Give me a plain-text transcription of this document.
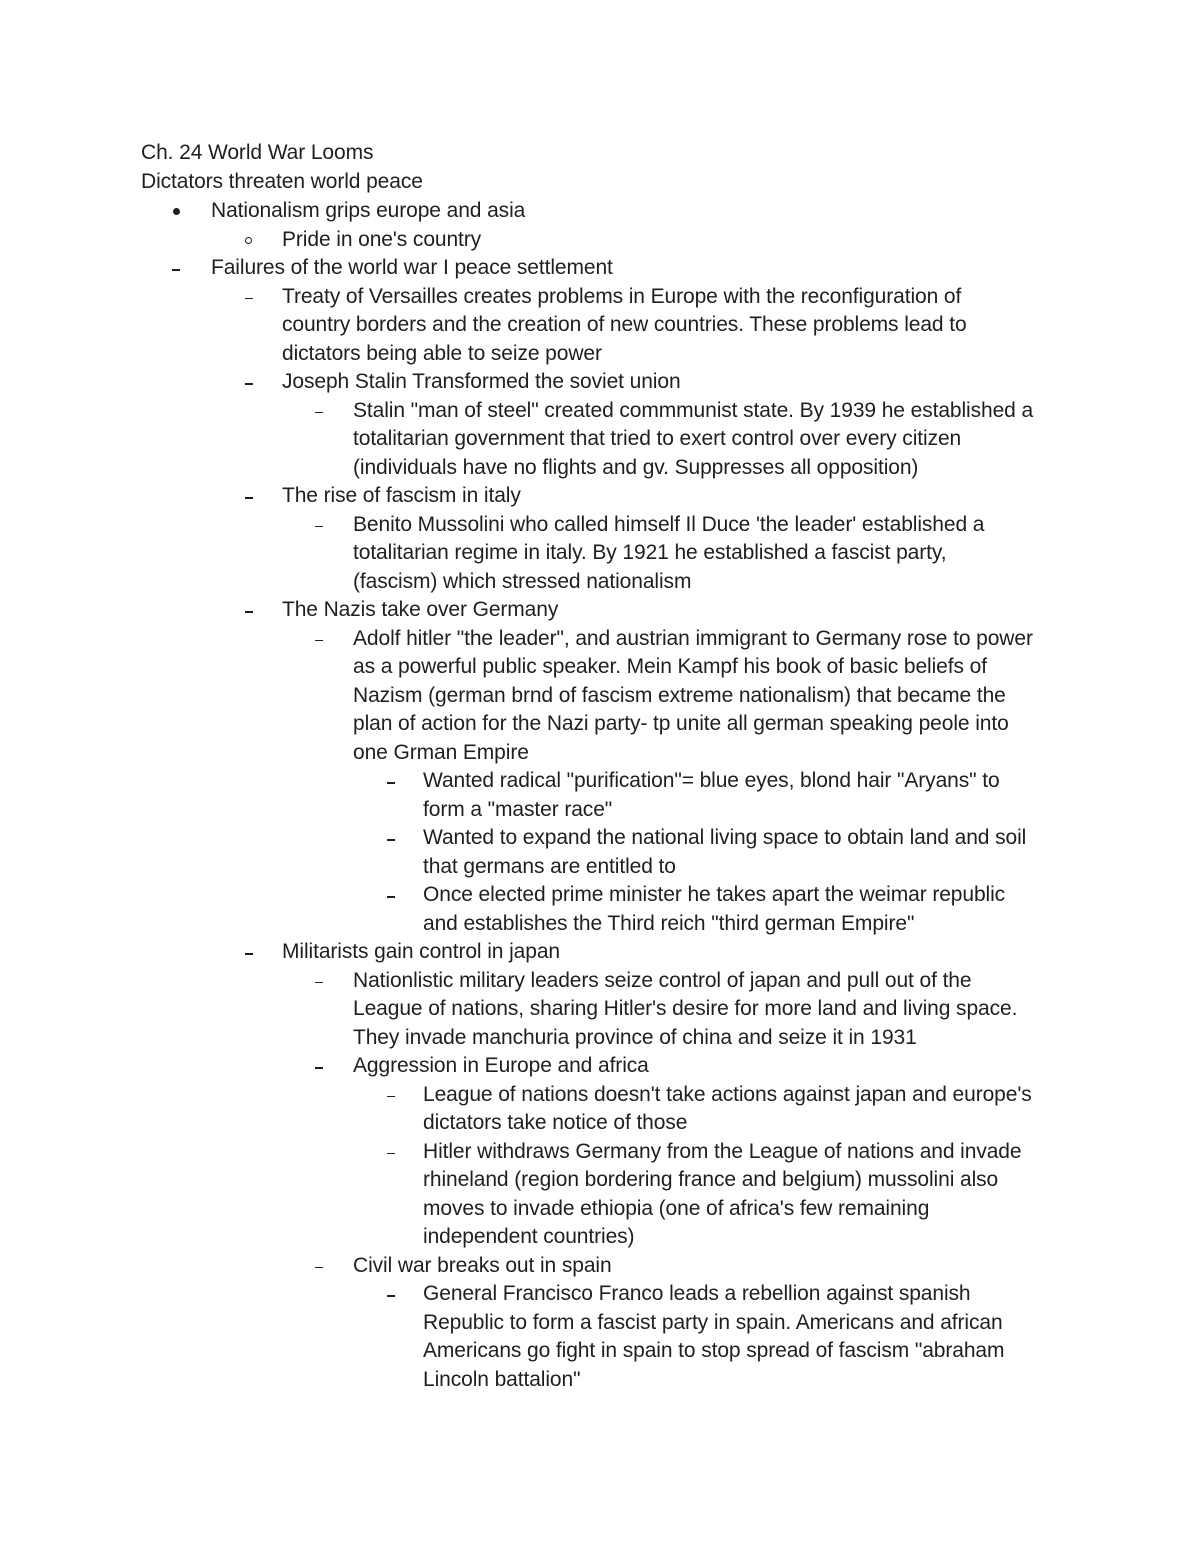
Ch. 24 World War Looms
Dictators threaten world peace
Nationalism grips europe and asia
Pride in one's country
Failures of the world war I peace settlement
Treaty of Versailles creates problems in Europe with the reconfiguration of
country borders and the creation of new countries. These problems lead to
dictators being able to seize power
Joseph Stalin Transformed the soviet union
Stalin "man of steel" created commmunist state. By 1939 he established a
totalitarian government that tried to exert control over every citizen
(individuals have no flights and gv. Suppresses all opposition)
The rise of fascism in italy
Benito Mussolini who called himself Il Duce 'the leader' established a
totalitarian regime in italy. By 1921 he established a fascist party,
(fascism) which stressed nationalism
The Nazis take over Germany
Adolf hitler "the leader", and austrian immigrant to Germany rose to power
as a powerful public speaker. Mein Kampf his book of basic beliefs of
Nazism (german brnd of fascism extreme nationalism) that became the
plan of action for the Nazi party- tp unite all german speaking peole into
one Grman Empire
Wanted radical "purification"= blue eyes, blond hair "Aryans" to
form a "master race"
Wanted to expand the national living space to obtain land and soil
that germans are entitled to
Once elected prime minister he takes apart the weimar republic
and establishes the Third reich "third german Empire"
Militarists gain control in japan
Nationlistic military leaders seize control of japan and pull out of the
League of nations, sharing Hitler's desire for more land and living space.
They invade manchuria province of china and seize it in 1931
Aggression in Europe and africa
League of nations doesn't take actions against japan and europe's
dictators take notice of those
Hitler withdraws Germany from the League of nations and invade
rhineland (region bordering france and belgium) mussolini also
moves to invade ethiopia (one of africa's few remaining
independent countries)
Civil war breaks out in spain
General Francisco Franco leads a rebellion against spanish
Republic to form a fascist party in spain. Americans and african
Americans go fight in spain to stop spread of fascism "abraham
Lincoln battalion"
